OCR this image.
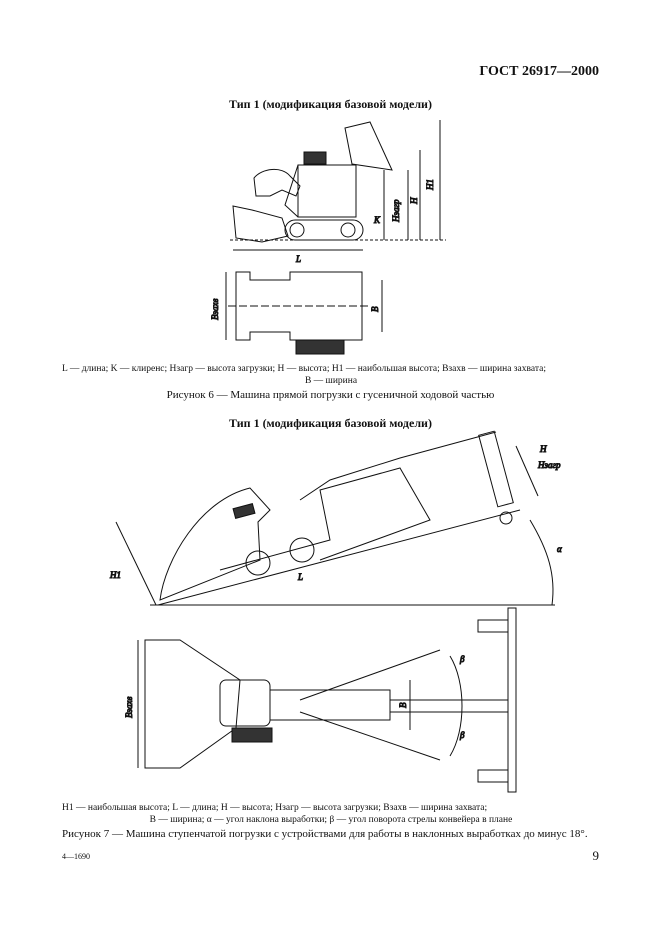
ГОСТ 26917—2000
Тип 1 (модификация базовой модели)
L
K Hзагр H
H1
Bзахв	B
H1	L
H
Hзагр
α
Bзахв	B
β
β
L — длина; K — клиренс; Hзагр — высота загрузки; H — высота; H1 — наибольшая высота; Bзахв — ширина захвата;
B — ширина
Рисунок 6 — Машина прямой погрузки с гусеничной ходовой частью
Тип 1 (модификация базовой модели)
H1 — наибольшая высота; L — длина; H — высота; Hзагр — высота загрузки; Bзахв — ширина захвата;
B — ширина; α — угол наклона выработки; β — угол поворота стрелы конвейера в плане
Рисунок 7 — Машина ступенчатой погрузки с устройствами для работы в наклонных выработках до минус 18°.
4—1690	9
